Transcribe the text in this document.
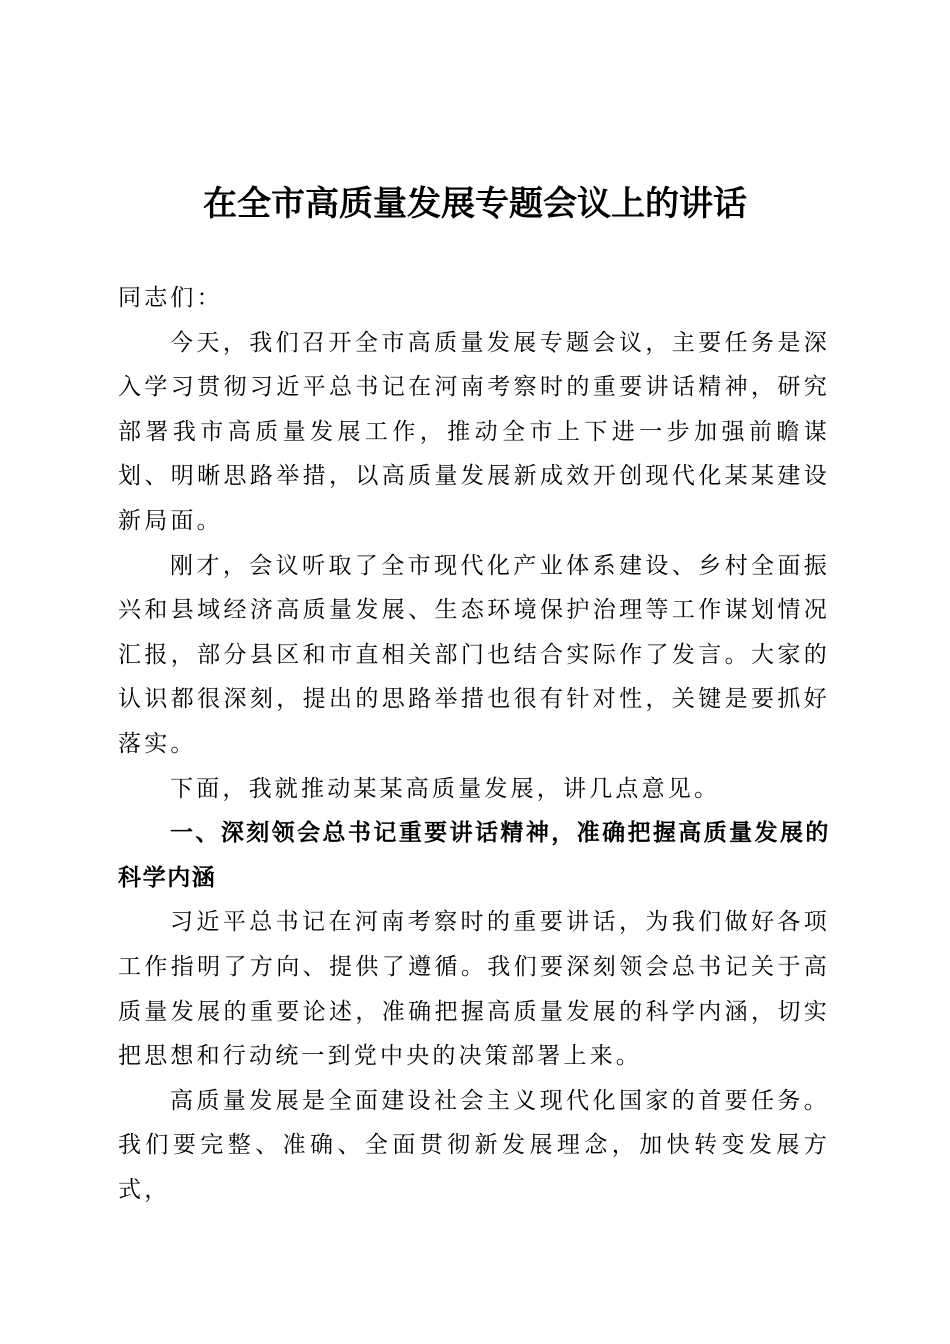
在全市高质量发展专题会议上的讲话

同志们：

今天，我们召开全市高质量发展专题会议，主要任务是深入学习贯彻习近平总书记在河南考察时的重要讲话精神，研究部署我市高质量发展工作，推动全市上下进一步加强前瞻谋划、明晰思路举措，以高质量发展新成效开创现代化某某建设新局面。

刚才，会议听取了全市现代化产业体系建设、乡村全面振兴和县域经济高质量发展、生态环境保护治理等工作谋划情况汇报，部分县区和市直相关部门也结合实际作了发言。大家的认识都很深刻，提出的思路举措也很有针对性，关键是要抓好落实。

下面，我就推动某某高质量发展，讲几点意见。

一、深刻领会总书记重要讲话精神，准确把握高质量发展的科学内涵

习近平总书记在河南考察时的重要讲话，为我们做好各项工作指明了方向、提供了遵循。我们要深刻领会总书记关于高质量发展的重要论述，准确把握高质量发展的科学内涵，切实把思想和行动统一到党中央的决策部署上来。

高质量发展是全面建设社会主义现代化国家的首要任务。我们要完整、准确、全面贯彻新发展理念，加快转变发展方式，
